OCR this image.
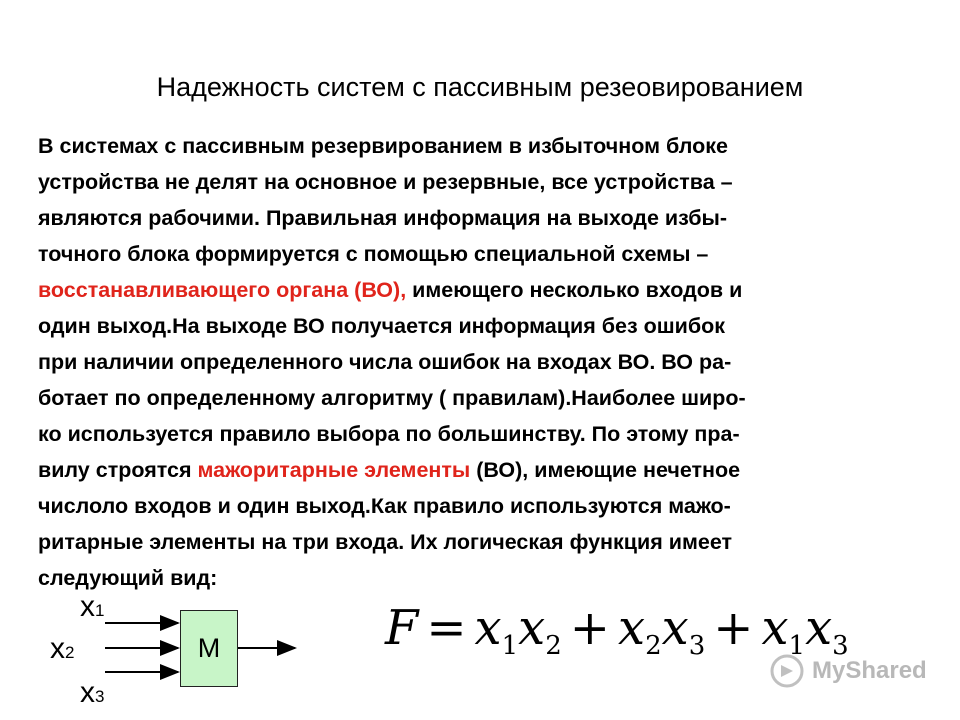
Надежность систем с пассивным резеовированием
В системах с пассивным резервированием в избыточном блоке
устройства не делят на основное и резервные, все устройства –
являются рабочими. Правильная информация на выходе избы-
точного блока формируется с помощью специальной схемы –
восстанавливающего органа (ВО), имеющего несколько входов и
один выход.На выходе ВО получается информация без ошибок
при наличии определенного числа ошибок на входах ВО. ВО ра-
ботает по определенному алгоритму ( правилам).Наиболее широ-
ко используется правило выбора по большинству. По этому пра-
вилу строятся мажоритарные элементы (ВО), имеющие нечетное
числоло входов и один выход.Как правило используются мажо-
ритарные элементы на три входа. Их логическая функция имеет
следующий вид:
x1
x2
x3
M	$F = x_1x_2 + x_2x_3 + x_1x_3$
MyShared
